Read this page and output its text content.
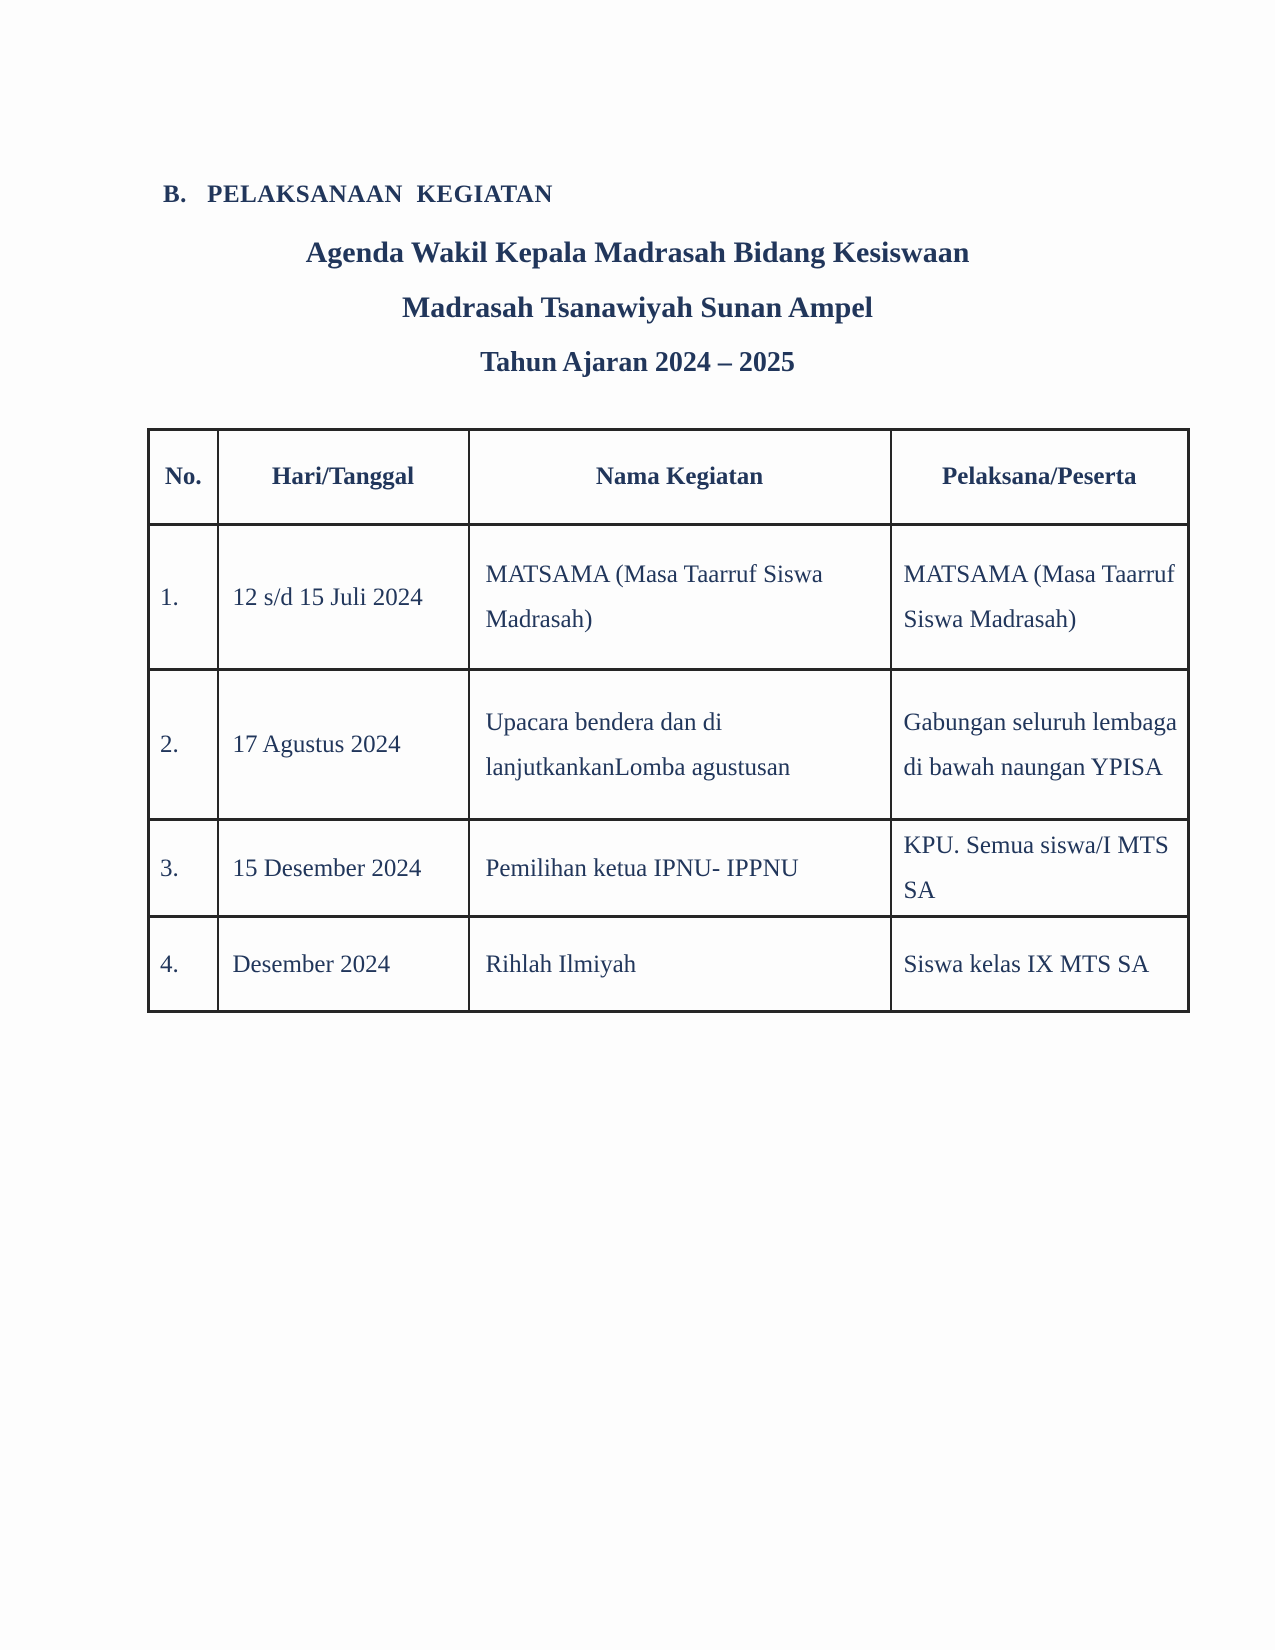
B.   PELAKSANAAN  KEGIATAN
Agenda Wakil Kepala Madrasah Bidang Kesiswaan
Madrasah Tsanawiyah Sunan Ampel
Tahun Ajaran 2024 – 2025
No.	Hari/Tanggal	Nama Kegiatan	Pelaksana/Peserta
1.	12 s/d 15 Juli 2024	MATSAMA (Masa Taarruf Siswa Madrasah)	MATSAMA (Masa Taarruf Siswa Madrasah)
2.	17 Agustus 2024	Upacara bendera dan di lanjutkankanLomba agustusan	Gabungan seluruh lembaga di bawah naungan YPISA
3.	15 Desember 2024	Pemilihan ketua IPNU- IPPNU	KPU. Semua siswa/I MTS SA
4.	Desember 2024	Rihlah Ilmiyah	Siswa kelas IX MTS SA
